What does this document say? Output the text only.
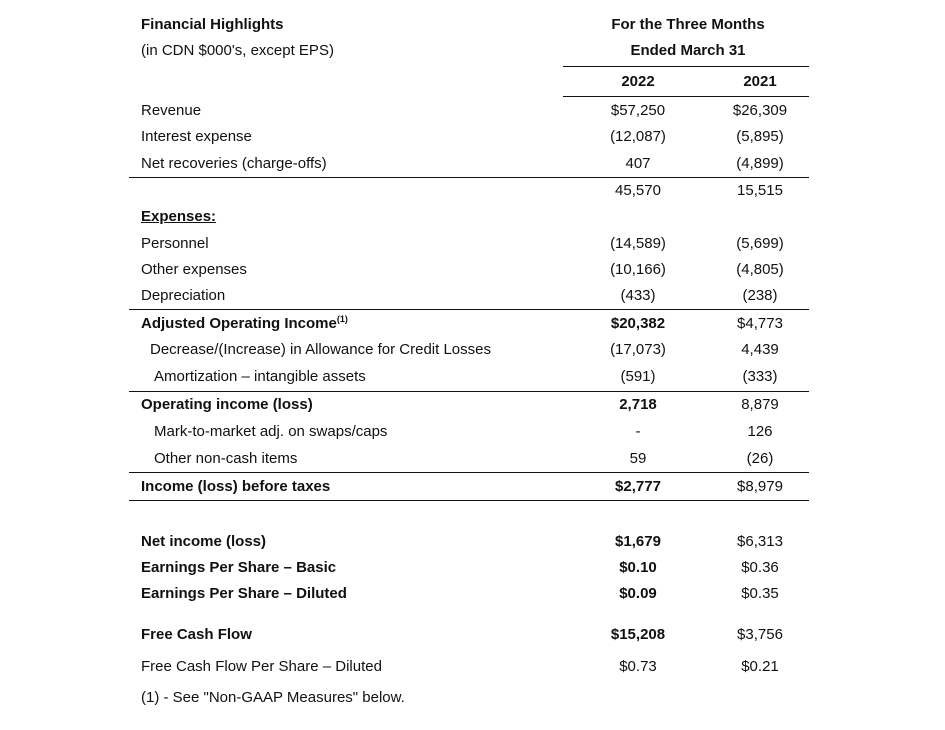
Financial Highlights
(in CDN $000's, except EPS)
For the Three Months
Ended March 31
2022	2021
Revenue	$57,250	$26,309
Interest expense	(12,087)	(5,895)
Net recoveries (charge-offs)	407	(4,899)
45,570	15,515
Expenses:
Personnel	(14,589)	(5,699)
Other expenses	(10,166)	(4,805)
Depreciation	(433)	(238)
Adjusted Operating Income$^{(1)}$	$20,382	$4,773
Decrease/(Increase) in Allowance for Credit Losses	(17,073)	4,439
Amortization – intangible assets	(591)	(333)
Operating income (loss)	2,718	8,879
Mark-to-market adj. on swaps/caps	-	126
Other non-cash items	59	(26)
Income (loss) before taxes	$2,777	$8,979
Net income (loss)	$1,679	$6,313
Earnings Per Share – Basic	$0.10	$0.36
Earnings Per Share – Diluted	$0.09	$0.35
Free Cash Flow	$15,208	$3,756
Free Cash Flow Per Share – Diluted	$0.73	$0.21
(1) - See "Non-GAAP Measures" below.
